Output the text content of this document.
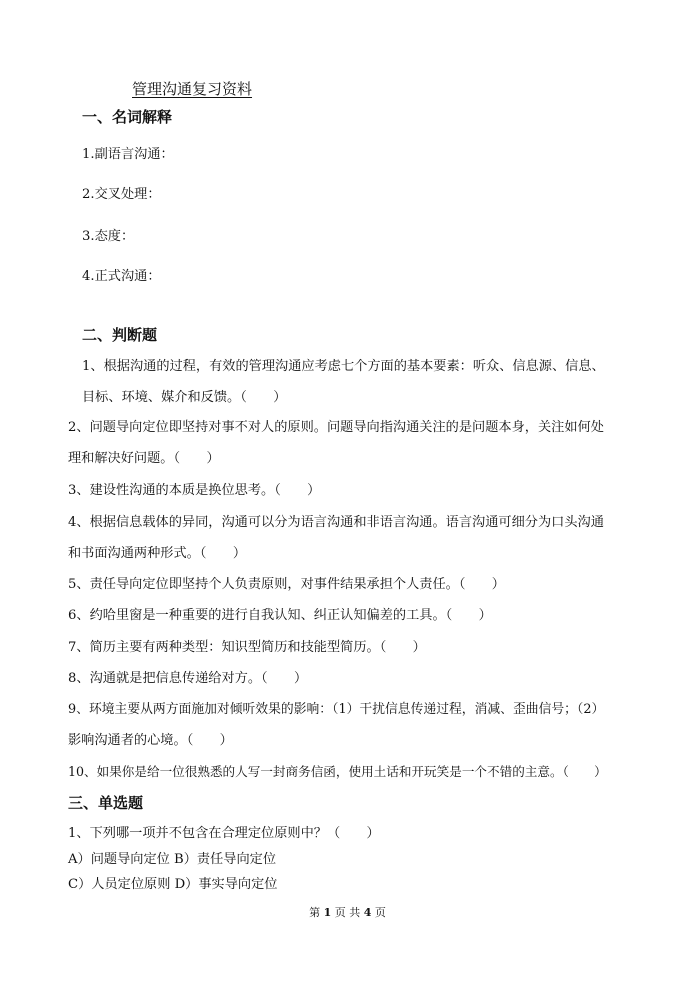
管理沟通复习资料
一、名词解释
1.副语言沟通：
2.交叉处理：
3.态度：
4.正式沟通：
二、判断题
1、根据沟通的过程，有效的管理沟通应考虑七个方面的基本要素：听众、信息源、信息、
目标、环境、媒介和反馈。（　　）
2、问题导向定位即坚持对事不对人的原则。问题导向指沟通关注的是问题本身，关注如何处
理和解决好问题。（　　）
3、建设性沟通的本质是换位思考。（　　）
4、根据信息载体的异同，沟通可以分为语言沟通和非语言沟通。语言沟通可细分为口头沟通
和书面沟通两种形式。（　　）
5、责任导向定位即坚持个人负责原则，对事件结果承担个人责任。（　　）
6、约哈里窗是一种重要的进行自我认知、纠正认知偏差的工具。（　　）
7、简历主要有两种类型：知识型简历和技能型简历。（　　）
8、沟通就是把信息传递给对方。（　　）
9、环境主要从两方面施加对倾听效果的影响：（1）干扰信息传递过程，消减、歪曲信号；（2）
影响沟通者的心境。（　　）
10、如果你是给一位很熟悉的人写一封商务信函，使用土话和开玩笑是一个不错的主意。（　　）
三、单选题
1、下列哪一项并不包含在合理定位原则中？（　　）
A）问题导向定位 B）责任导向定位
C）人员定位原则 D）事实导向定位
第 1 页 共 4 页
